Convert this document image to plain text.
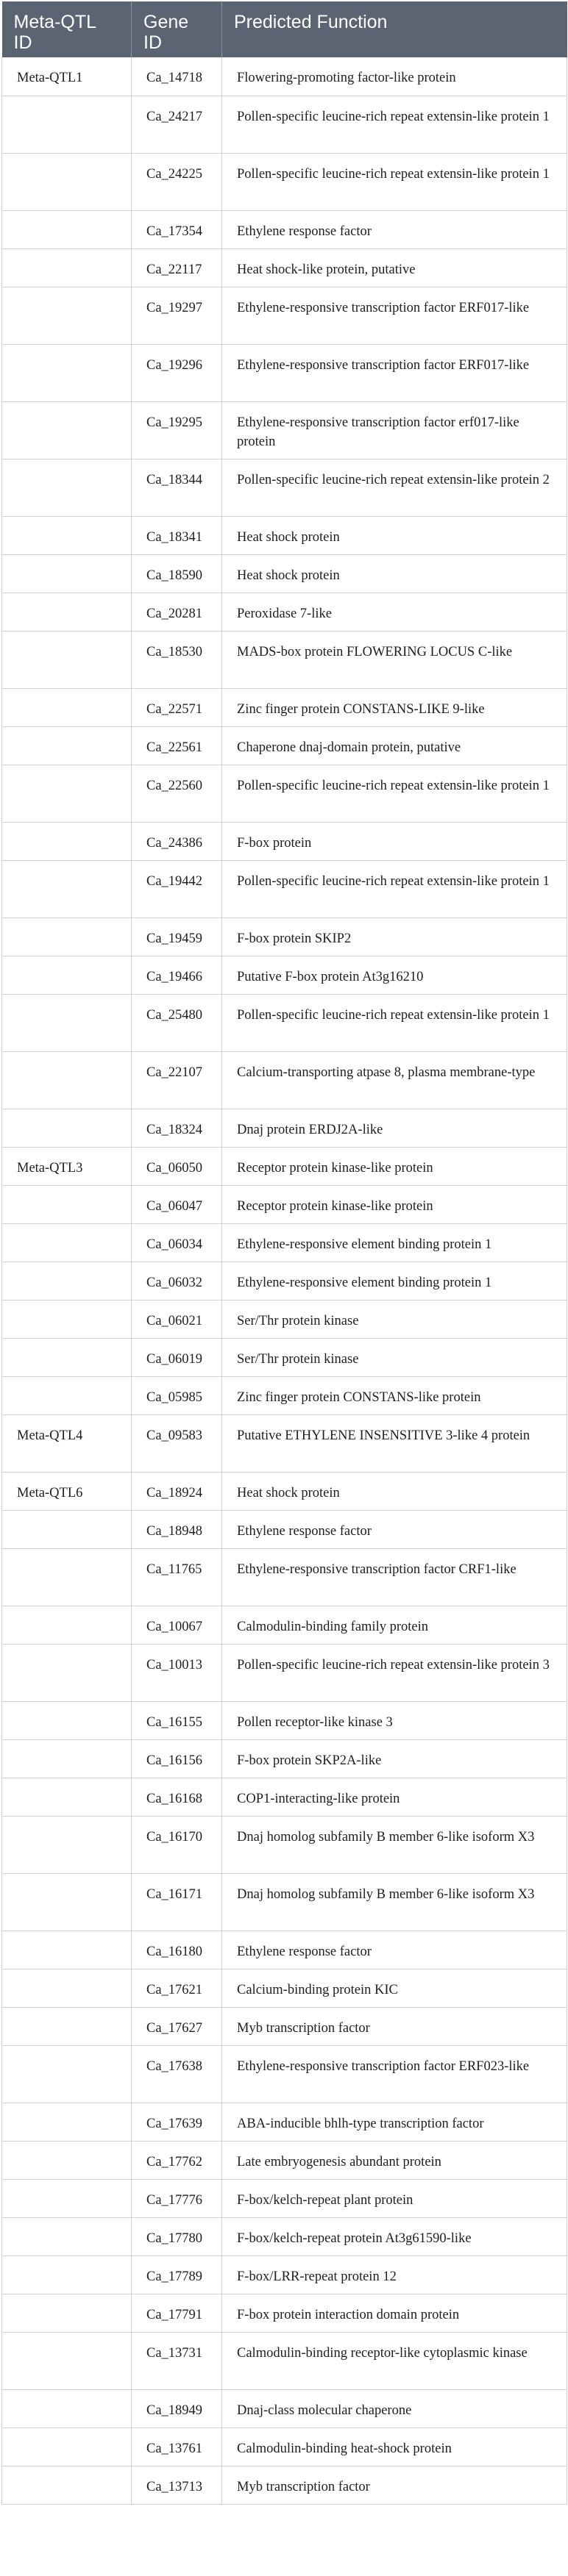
Meta-QTL ID	Gene ID	Predicted Function
Meta-QTL1	Ca_14718	Flowering-promoting factor-like protein
	Ca_24217	Pollen-specific leucine-rich repeat extensin-like protein 1
	Ca_24225	Pollen-specific leucine-rich repeat extensin-like protein 1
	Ca_17354	Ethylene response factor
	Ca_22117	Heat shock-like protein, putative
	Ca_19297	Ethylene-responsive transcription factor ERF017-like
	Ca_19296	Ethylene-responsive transcription factor ERF017-like
	Ca_19295	Ethylene-responsive transcription factor erf017-like protein
	Ca_18344	Pollen-specific leucine-rich repeat extensin-like protein 2
	Ca_18341	Heat shock protein
	Ca_18590	Heat shock protein
	Ca_20281	Peroxidase 7-like
	Ca_18530	MADS-box protein FLOWERING LOCUS C-like
	Ca_22571	Zinc finger protein CONSTANS-LIKE 9-like
	Ca_22561	Chaperone dnaj-domain protein, putative
	Ca_22560	Pollen-specific leucine-rich repeat extensin-like protein 1
	Ca_24386	F-box protein
	Ca_19442	Pollen-specific leucine-rich repeat extensin-like protein 1
	Ca_19459	F-box protein SKIP2
	Ca_19466	Putative F-box protein At3g16210
	Ca_25480	Pollen-specific leucine-rich repeat extensin-like protein 1
	Ca_22107	Calcium-transporting atpase 8, plasma membrane-type
	Ca_18324	Dnaj protein ERDJ2A-like
Meta-QTL3	Ca_06050	Receptor protein kinase-like protein
	Ca_06047	Receptor protein kinase-like protein
	Ca_06034	Ethylene-responsive element binding protein 1
	Ca_06032	Ethylene-responsive element binding protein 1
	Ca_06021	Ser/Thr protein kinase
	Ca_06019	Ser/Thr protein kinase
	Ca_05985	Zinc finger protein CONSTANS-like protein
Meta-QTL4	Ca_09583	Putative ETHYLENE INSENSITIVE 3-like 4 protein
Meta-QTL6	Ca_18924	Heat shock protein
	Ca_18948	Ethylene response factor
	Ca_11765	Ethylene-responsive transcription factor CRF1-like
	Ca_10067	Calmodulin-binding family protein
	Ca_10013	Pollen-specific leucine-rich repeat extensin-like protein 3
	Ca_16155	Pollen receptor-like kinase 3
	Ca_16156	F-box protein SKP2A-like
	Ca_16168	COP1-interacting-like protein
	Ca_16170	Dnaj homolog subfamily B member 6-like isoform X3
	Ca_16171	Dnaj homolog subfamily B member 6-like isoform X3
	Ca_16180	Ethylene response factor
	Ca_17621	Calcium-binding protein KIC
	Ca_17627	Myb transcription factor
	Ca_17638	Ethylene-responsive transcription factor ERF023-like
	Ca_17639	ABA-inducible bhlh-type transcription factor
	Ca_17762	Late embryogenesis abundant protein
	Ca_17776	F-box/kelch-repeat plant protein
	Ca_17780	F-box/kelch-repeat protein At3g61590-like
	Ca_17789	F-box/LRR-repeat protein 12
	Ca_17791	F-box protein interaction domain protein
	Ca_13731	Calmodulin-binding receptor-like cytoplasmic kinase
	Ca_18949	Dnaj-class molecular chaperone
	Ca_13761	Calmodulin-binding heat-shock protein
	Ca_13713	Myb transcription factor
